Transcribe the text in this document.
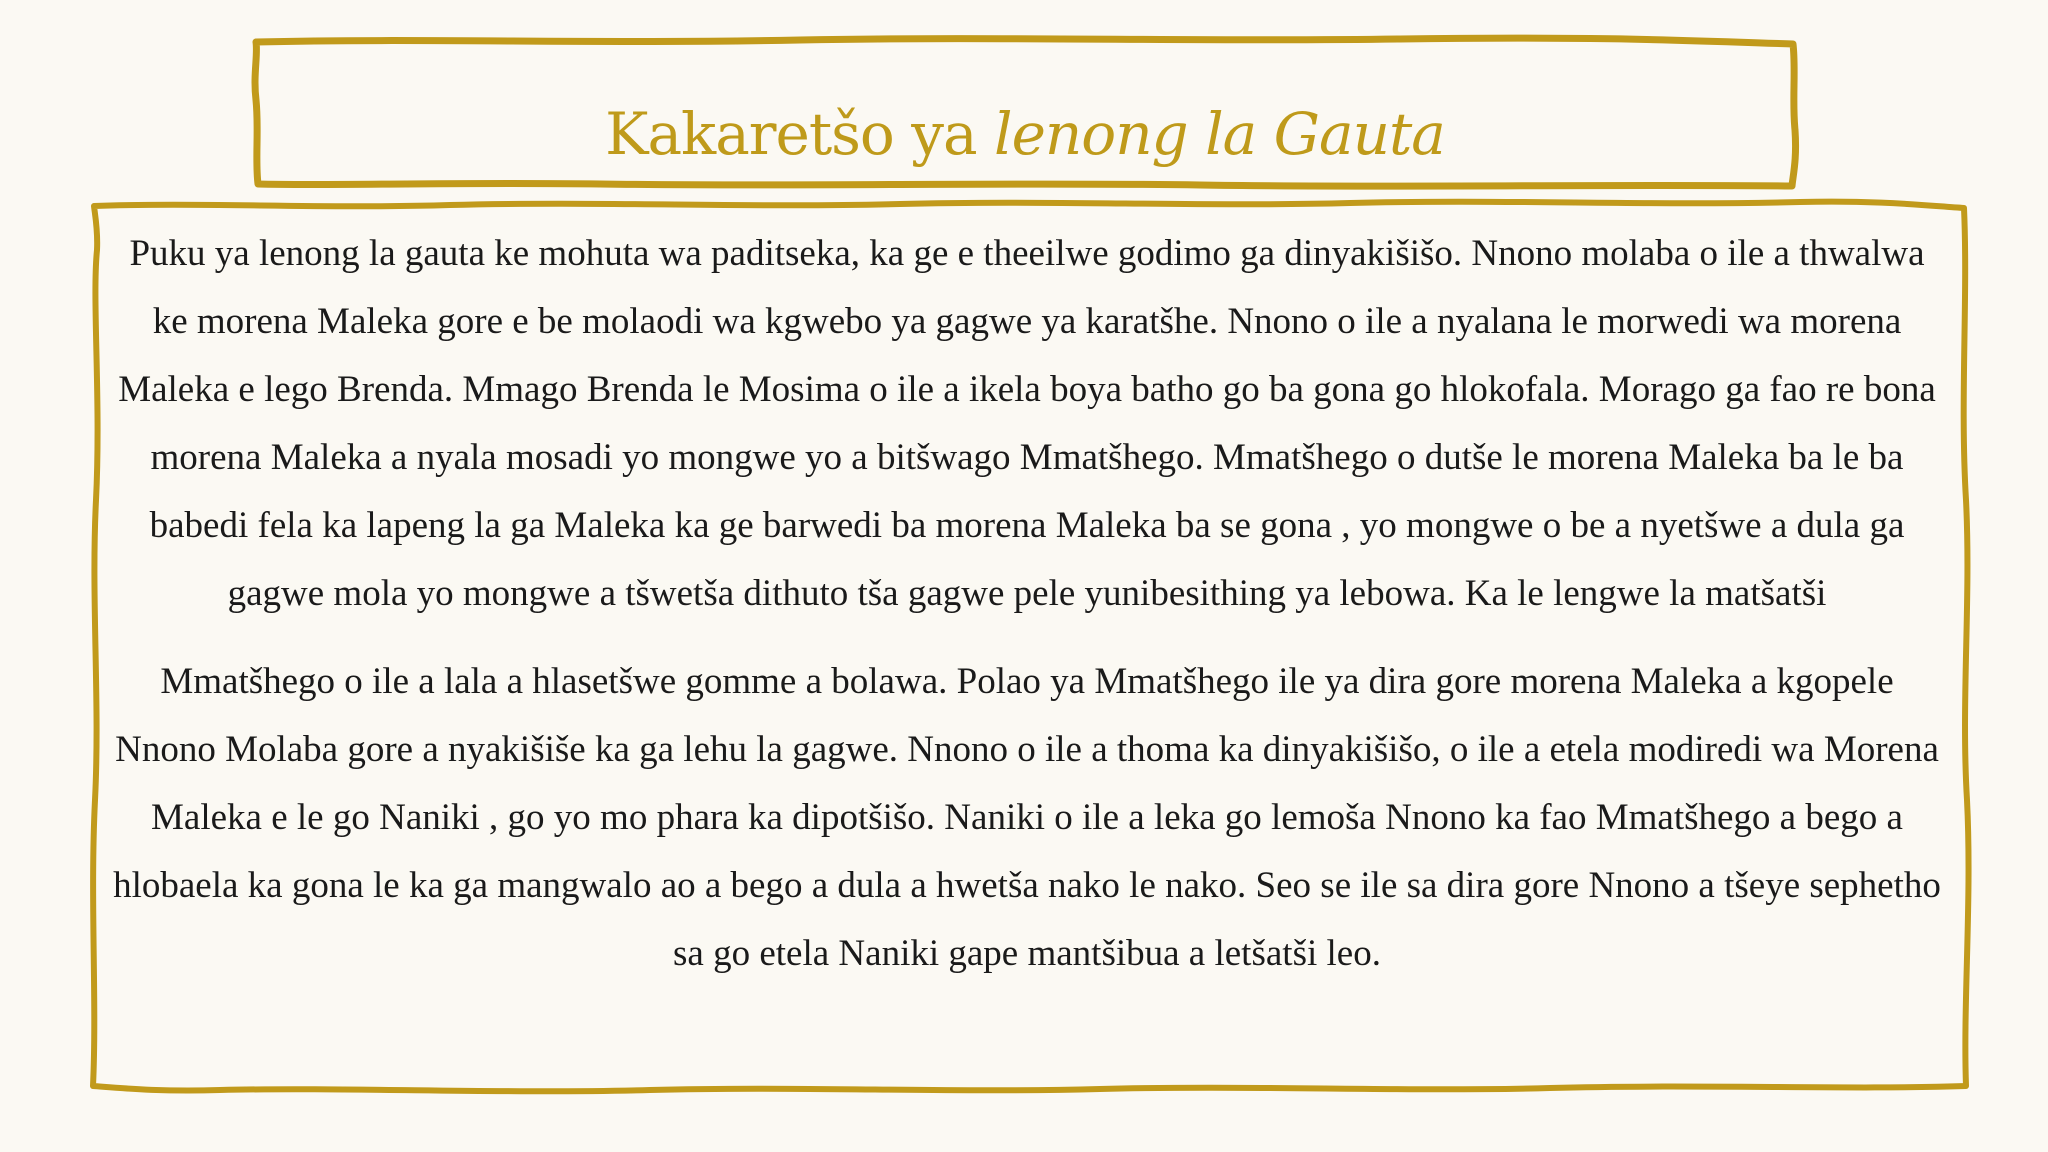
Kakaretšo ya lenong la Gauta

Puku ya lenong la gauta ke mohuta wa paditseka, ka ge e theeilwe godimo ga dinyakišišo. Nnono molaba o ile a thwalwa ke morena Maleka gore e be molaodi wa kgwebo ya gagwe ya karatšhe. Nnono o ile a nyalana le morwedi wa morena Maleka e lego Brenda. Mmago Brenda le Mosima o ile a ikela boya batho go ba gona go hlokofala. Morago ga fao re bona morena Maleka a nyala mosadi yo mongwe yo a bitšwago Mmatšhego. Mmatšhego o dutše le morena Maleka ba le ba babedi fela ka lapeng la ga Maleka ka ge barwedi ba morena Maleka ba se gona , yo mongwe o be a nyetšwe a dula ga gagwe mola yo mongwe a tšwetša dithuto tša gagwe pele yunibesithing ya lebowa. Ka le lengwe la matšatši

Mmatšhego o ile a lala a hlasetšwe gomme a bolawa. Polao ya Mmatšhego ile ya dira gore morena Maleka a kgopele Nnono Molaba gore a nyakišiše ka ga lehu la gagwe. Nnono o ile a thoma ka dinyakišišo, o ile a etela modiredi wa Morena Maleka e le go Naniki , go yo mo phara ka dipotšišo. Naniki o ile a leka go lemoša Nnono ka fao Mmatšhego a bego a hlobaela ka gona le ka ga mangwalo ao a bego a dula a hwetša nako le nako. Seo se ile sa dira gore Nnono a tšeye sephetho sa go etela Naniki gape mantšibua a letšatši leo.
